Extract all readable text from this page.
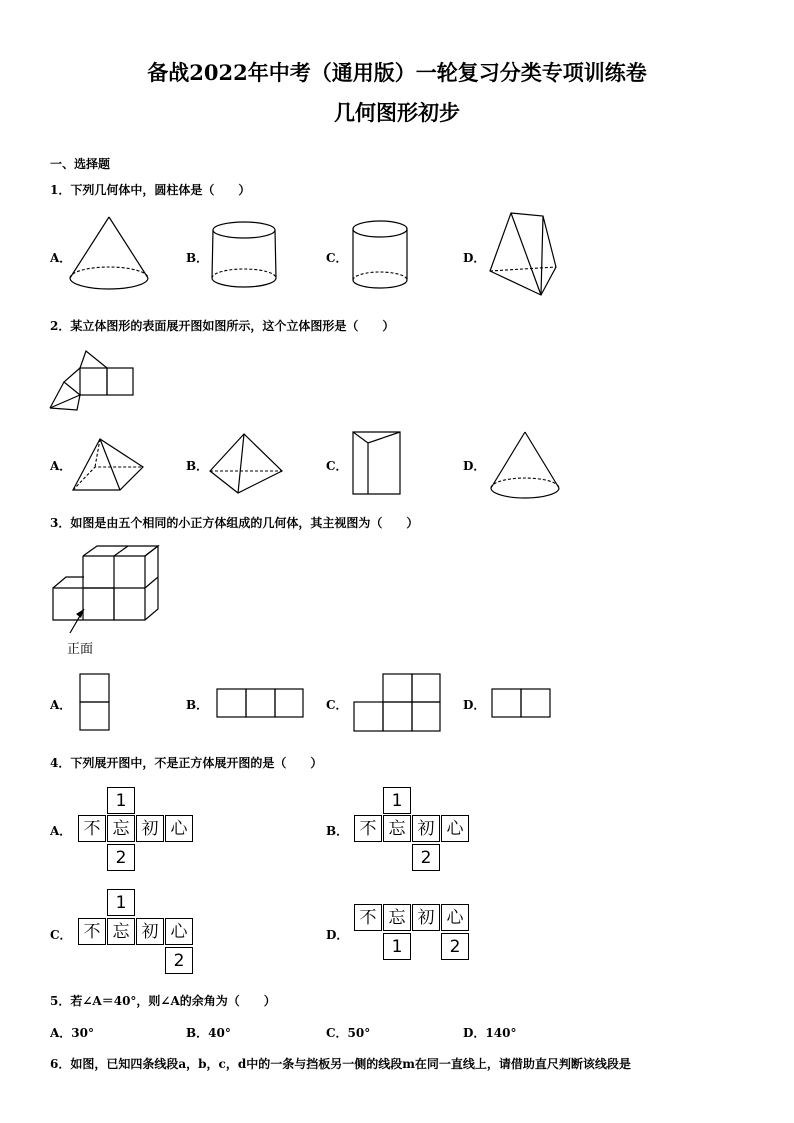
备战2022年中考（通用版）一轮复习分类专项训练卷
几何图形初步
一、选择题
1．下列几何体中，圆柱体是（　　）
A．	B．	C．	D．
2．某立体图形的表面展开图如图所示，这个立体图形是（　　）
A．	B．	C．	D．
3．如图是由五个相同的小正方体组成的几何体，其主视图为（　　）
正面
A．	B．	C．	D．
4．下列展开图中，不是正方体展开图的是（　　）
A．	B．
C．	D．
1
不 忘 初 心
2
1
不 忘 初 心
2
1
不 忘 初 心
2
不 忘 初 心
1	2
5．若∠A＝40°，则∠A的余角为（　　）
A．30°	B．40°	C．50°	D．140°
6．如图，已知四条线段a，b，c，d中的一条与挡板另一侧的线段m在同一直线上，请借助直尺判断该线段是
